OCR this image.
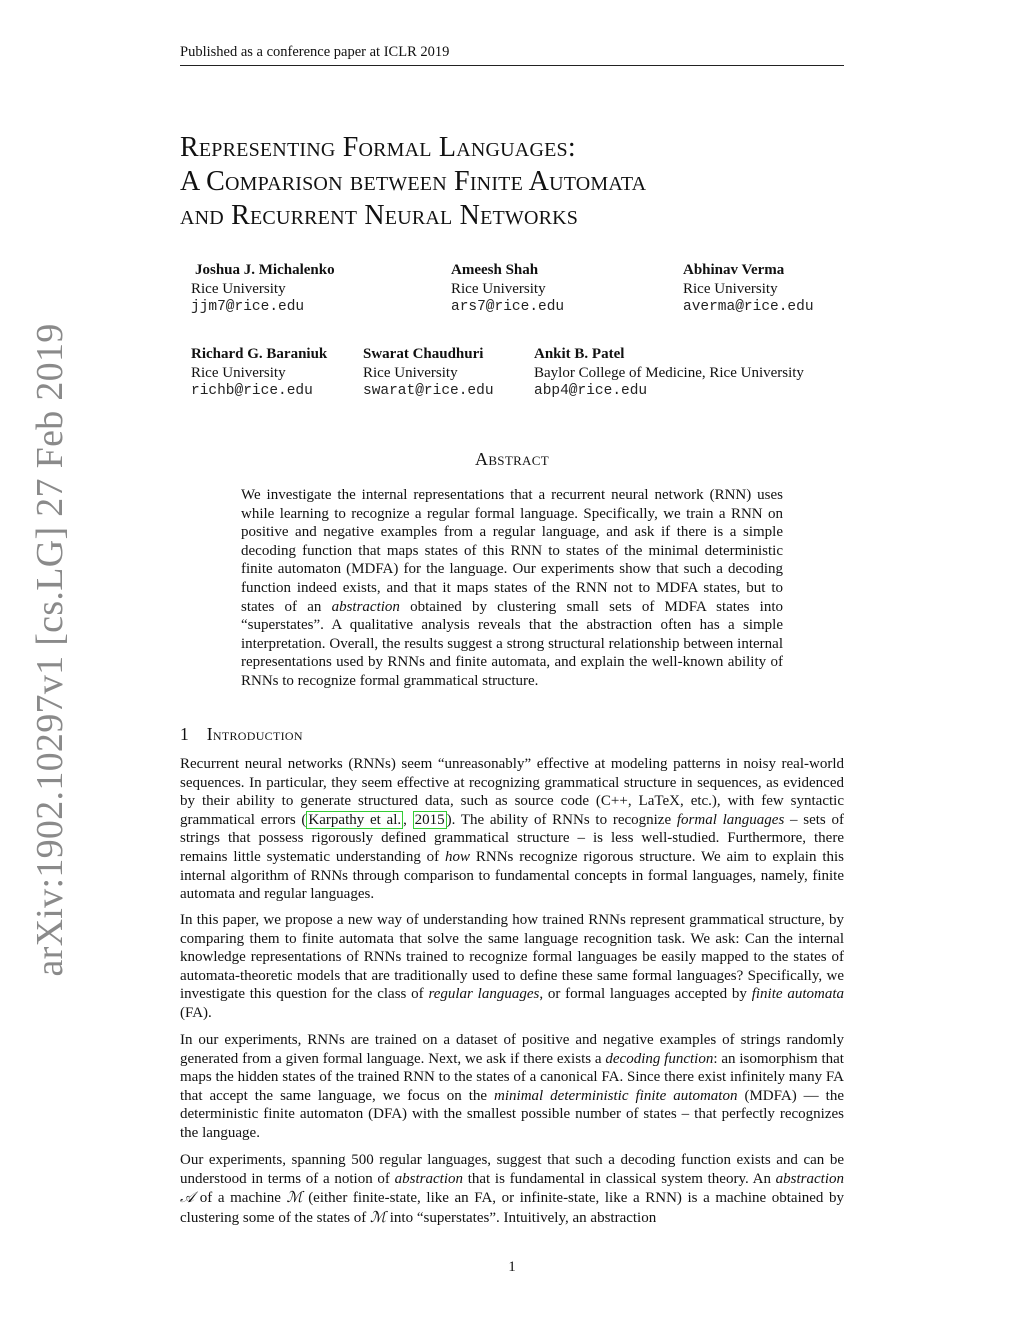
Published as a conference paper at ICLR 2019
arXiv:1902.10297v1 [cs.LG] 27 Feb 2019
Representing Formal Languages:
A Comparison between Finite Automata
and Recurrent Neural Networks
Joshua J. Michalenko
Rice University
jjm7@rice.edu
Ameesh Shah
Rice University
ars7@rice.edu
Abhinav Verma
Rice University
averma@rice.edu
Richard G. Baraniuk
Rice University
richb@rice.edu
Swarat Chaudhuri
Rice University
swarat@rice.edu
Ankit B. Patel
Baylor College of Medicine, Rice University
abp4@rice.edu
Abstract
We investigate the internal representations that a recurrent neural network (RNN) uses while learning to recognize a regular formal language. Specifically, we train a RNN on positive and negative examples from a regular language, and ask if there is a simple decoding function that maps states of this RNN to states of the minimal deterministic finite automaton (MDFA) for the language. Our experiments show that such a decoding function indeed exists, and that it maps states of the RNN not to MDFA states, but to states of an abstraction obtained by clustering small sets of MDFA states into “superstates”. A qualitative analysis reveals that the abstraction often has a simple interpretation. Overall, the results suggest a strong structural relationship between internal representations used by RNNs and finite automata, and explain the well-known ability of RNNs to recognize formal grammatical structure.
1 Introduction
Recurrent neural networks (RNNs) seem “unreasonably” effective at modeling patterns in noisy real-world sequences. In particular, they seem effective at recognizing grammatical structure in sequences, as evidenced by their ability to generate structured data, such as source code (C++, LaTeX, etc.), with few syntactic grammatical errors ( Karpathy et al. , 2015 ). The ability of RNNs to recognize formal languages – sets of strings that possess rigorously defined grammatical structure – is less well-studied. Furthermore, there remains little systematic understanding of how RNNs recognize rigorous structure. We aim to explain this internal algorithm of RNNs through comparison to fundamental concepts in formal languages, namely, finite automata and regular languages.
In this paper, we propose a new way of understanding how trained RNNs represent grammatical structure, by comparing them to finite automata that solve the same language recognition task. We ask: Can the internal knowledge representations of RNNs trained to recognize formal languages be easily mapped to the states of automata-theoretic models that are traditionally used to define these same formal languages? Specifically, we investigate this question for the class of regular languages, or formal languages accepted by finite automata (FA).
In our experiments, RNNs are trained on a dataset of positive and negative examples of strings randomly generated from a given formal language. Next, we ask if there exists a decoding function: an isomorphism that maps the hidden states of the trained RNN to the states of a canonical FA. Since there exist infinitely many FA that accept the same language, we focus on the minimal deterministic finite automaton (MDFA) — the deterministic finite automaton (DFA) with the smallest possible number of states – that perfectly recognizes the language.
Our experiments, spanning 500 regular languages, suggest that such a decoding function exists and can be understood in terms of a notion of abstraction that is fundamental in classical system theory. An abstraction 𝒜 of a machine ℳ (either finite-state, like an FA, or infinite-state, like a RNN) is a machine obtained by clustering some of the states of ℳ into “superstates”. Intuitively, an abstraction
1
